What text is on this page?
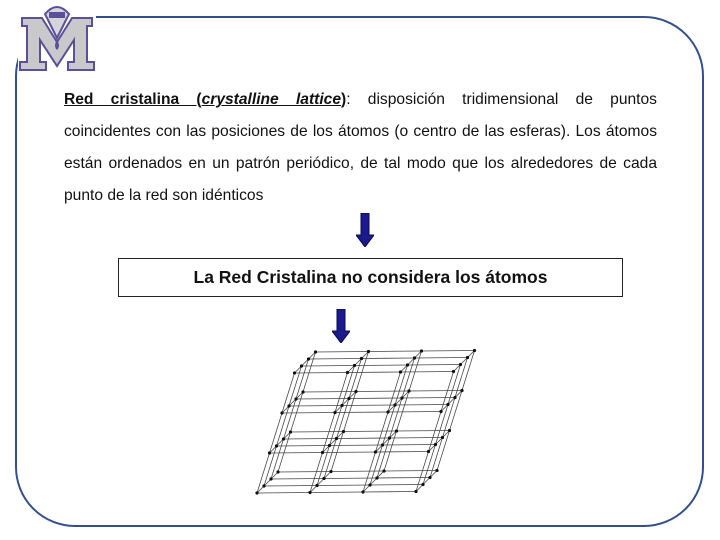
Red cristalina (crystalline lattice): disposición tridimensional de puntos coincidentes con las posiciones de los átomos (o centro de las esferas). Los átomos están ordenados en un patrón periódico, de tal modo que los alrededores de cada punto de la red son idénticos
La Red Cristalina no considera los átomos
